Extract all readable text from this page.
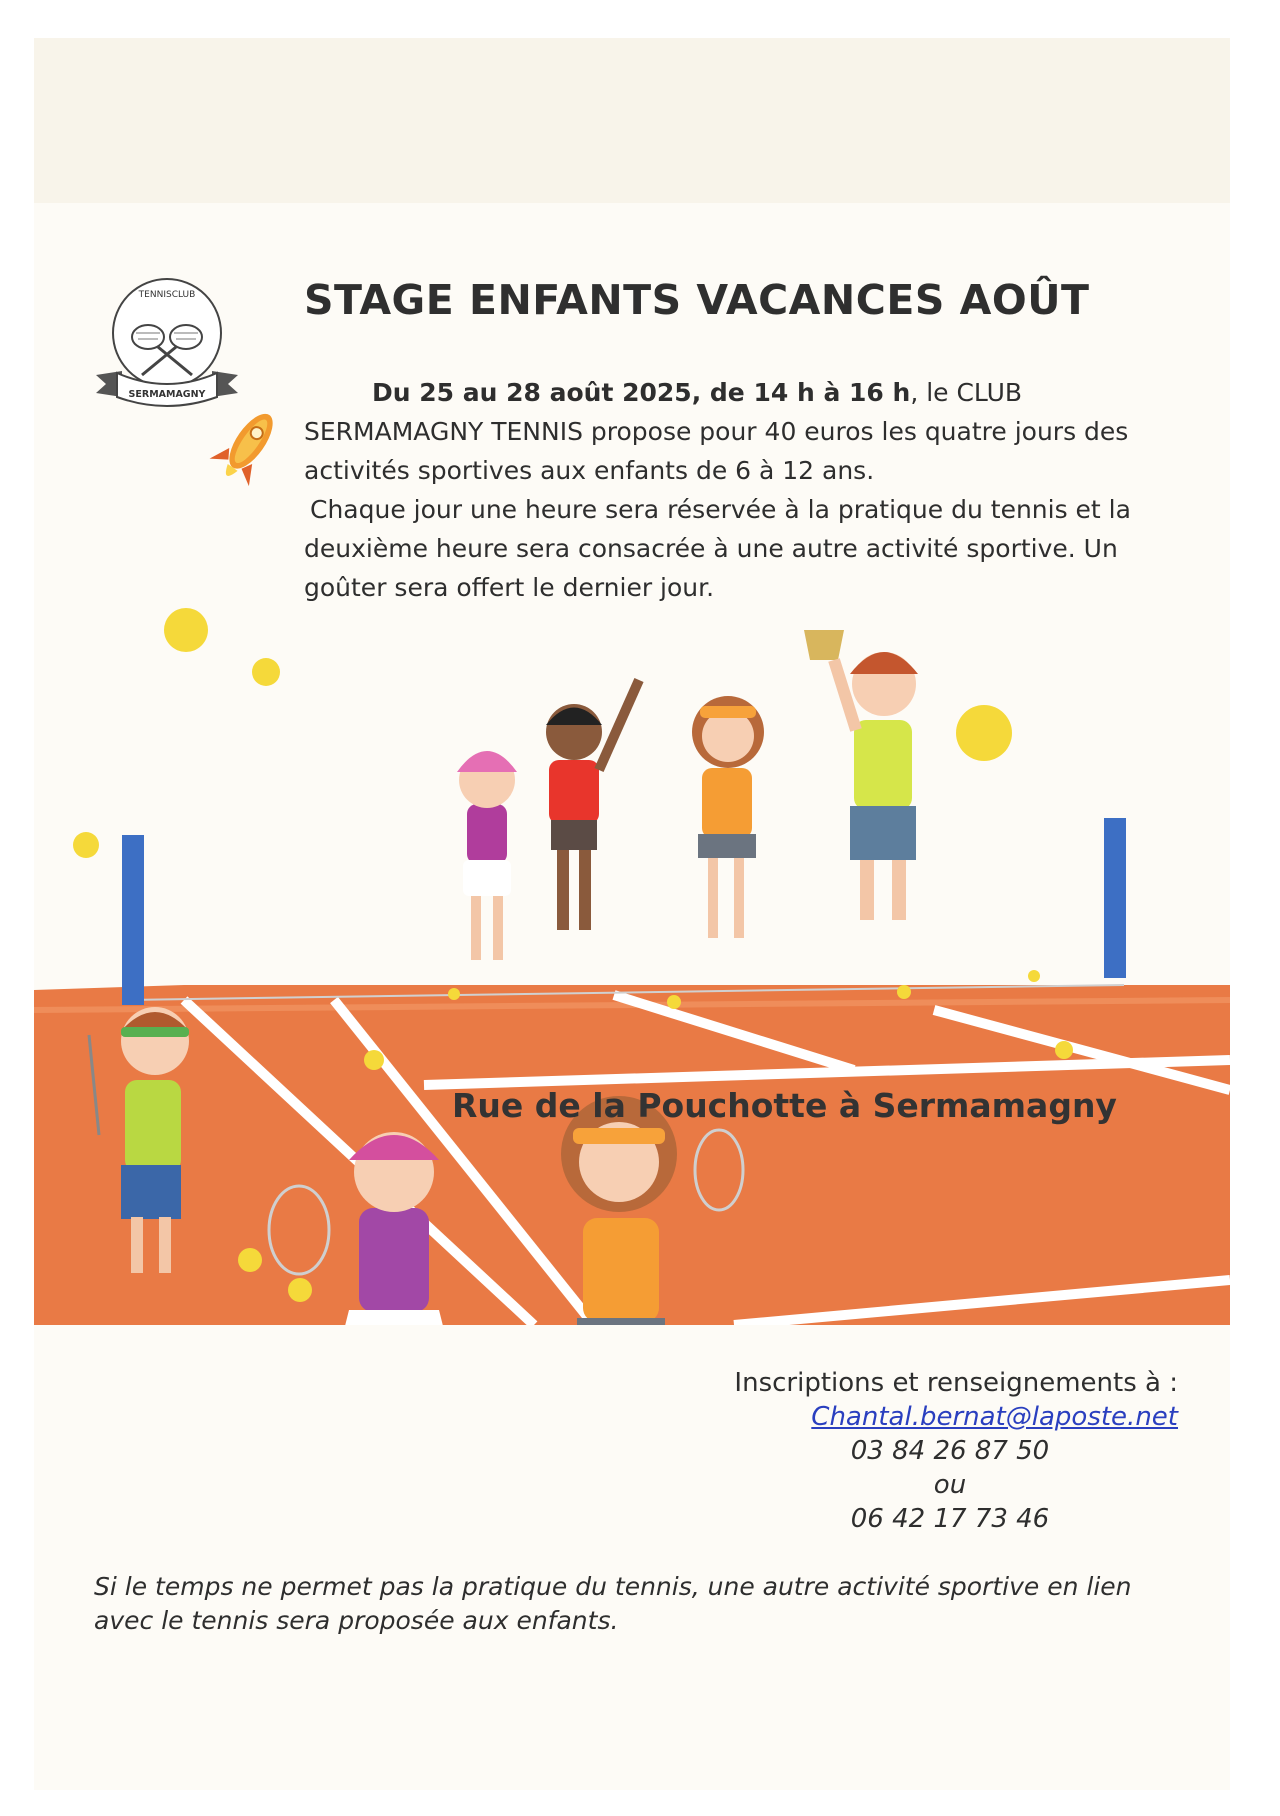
TENNISCLUB
SERMAMAGNY
STAGE ENFANTS VACANCES AOÛT

Du 25 au 28 août 2025, de 14 h à 16 h, le CLUB SERMAMAGNY TENNIS propose pour 40 euros les quatre jours des activités sportives aux enfants de 6 à 12 ans.

Chaque jour une heure sera réservée à la pratique du tennis et la deuxième heure sera consacrée à une autre activité sportive. Un goûter sera offert le dernier jour.

Rue de la Pouchotte à Sermamagny

Inscriptions et renseignements à :
Chantal.bernat@laposte.net
03 84 26 87 50
ou
06 42 17 73 46

Si le temps ne permet pas la pratique du tennis, une autre activité sportive en lien avec le tennis sera proposée aux enfants.
